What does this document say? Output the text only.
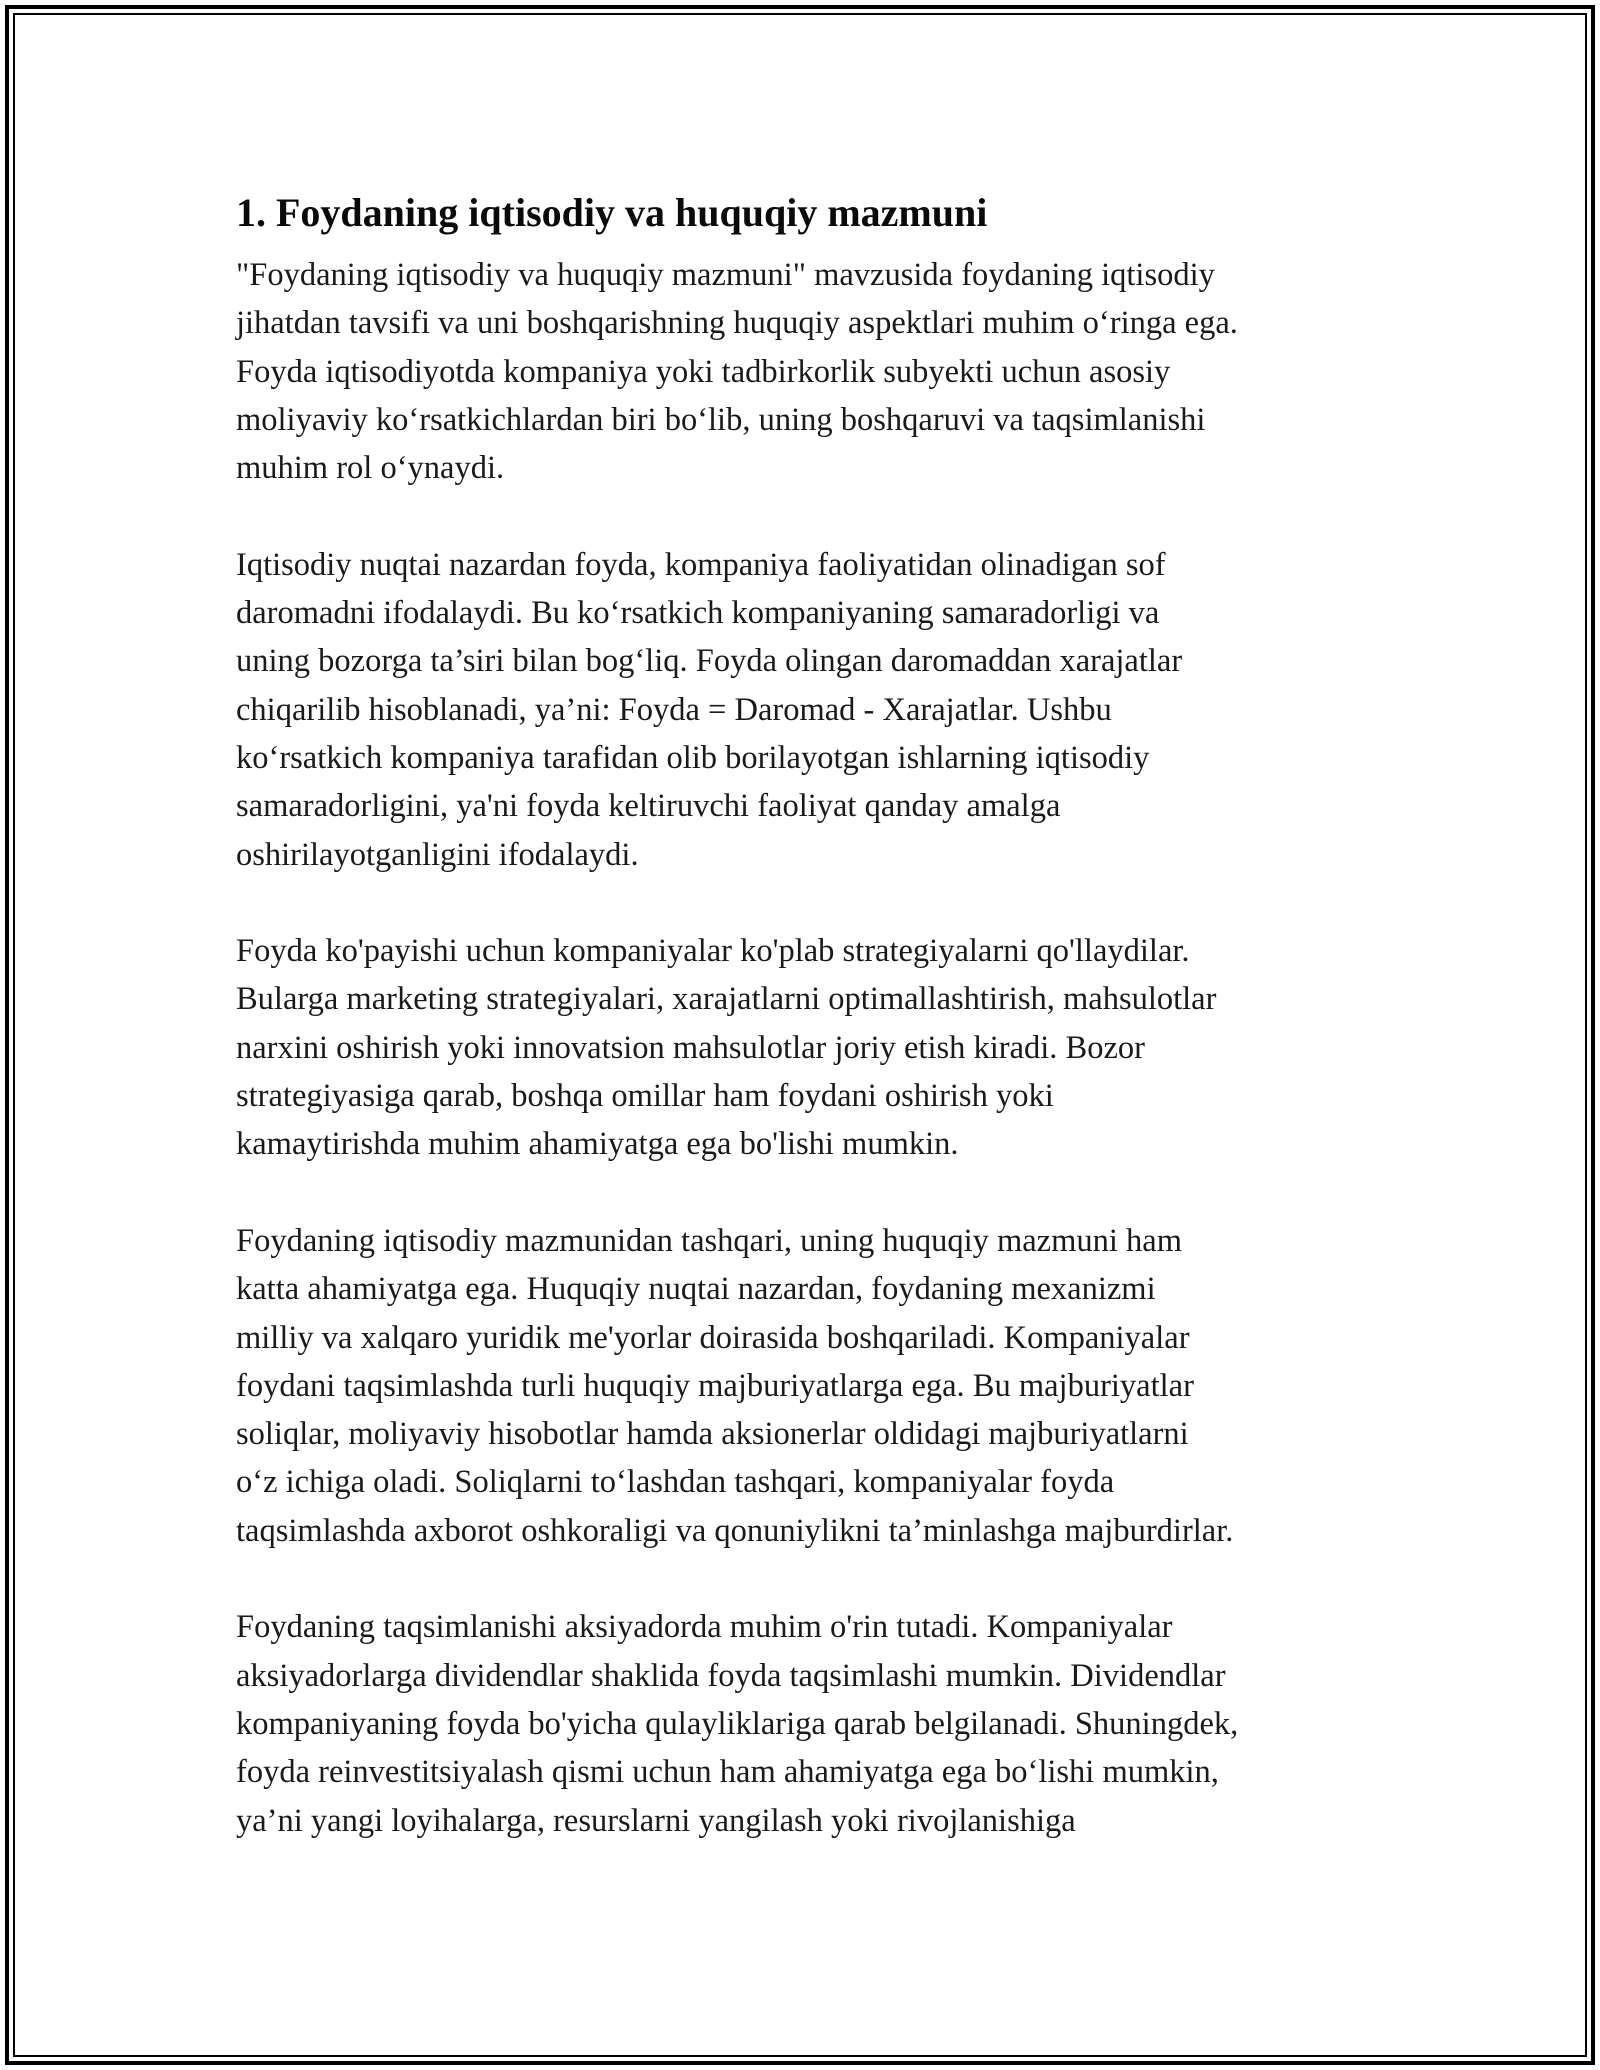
1. Foydaning iqtisodiy va huquqiy mazmuni

"Foydaning iqtisodiy va huquqiy mazmuni" mavzusida foydaning iqtisodiy
jihatdan tavsifi va uni boshqarishning huquqiy aspektlari muhim o‘ringa ega.
Foyda iqtisodiyotda kompaniya yoki tadbirkorlik subyekti uchun asosiy
moliyaviy ko‘rsatkichlardan biri bo‘lib, uning boshqaruvi va taqsimlanishi
muhim rol o‘ynaydi.

Iqtisodiy nuqtai nazardan foyda, kompaniya faoliyatidan olinadigan sof
daromadni ifodalaydi. Bu ko‘rsatkich kompaniyaning samaradorligi va
uning bozorga ta’siri bilan bog‘liq. Foyda olingan daromaddan xarajatlar
chiqarilib hisoblanadi, ya’ni: Foyda = Daromad - Xarajatlar. Ushbu
ko‘rsatkich kompaniya tarafidan olib borilayotgan ishlarning iqtisodiy
samaradorligini, ya'ni foyda keltiruvchi faoliyat qanday amalga
oshirilayotganligini ifodalaydi.

Foyda ko'payishi uchun kompaniyalar ko'plab strategiyalarni qo'llaydilar.
Bularga marketing strategiyalari, xarajatlarni optimallashtirish, mahsulotlar
narxini oshirish yoki innovatsion mahsulotlar joriy etish kiradi. Bozor
strategiyasiga qarab, boshqa omillar ham foydani oshirish yoki
kamaytirishda muhim ahamiyatga ega bo'lishi mumkin.

Foydaning iqtisodiy mazmunidan tashqari, uning huquqiy mazmuni ham
katta ahamiyatga ega. Huquqiy nuqtai nazardan, foydaning mexanizmi
milliy va xalqaro yuridik me'yorlar doirasida boshqariladi. Kompaniyalar
foydani taqsimlashda turli huquqiy majburiyatlarga ega. Bu majburiyatlar
soliqlar, moliyaviy hisobotlar hamda aksionerlar oldidagi majburiyatlarni
o‘z ichiga oladi. Soliqlarni to‘lashdan tashqari, kompaniyalar foyda
taqsimlashda axborot oshkoraligi va qonuniylikni ta’minlashga majburdirlar.

Foydaning taqsimlanishi aksiyadorda muhim o'rin tutadi. Kompaniyalar
aksiyadorlarga dividendlar shaklida foyda taqsimlashi mumkin. Dividendlar
kompaniyaning foyda bo'yicha qulayliklariga qarab belgilanadi. Shuningdek,
foyda reinvestitsiyalash qismi uchun ham ahamiyatga ega bo‘lishi mumkin,
ya’ni yangi loyihalarga, resurslarni yangilash yoki rivojlanishiga
